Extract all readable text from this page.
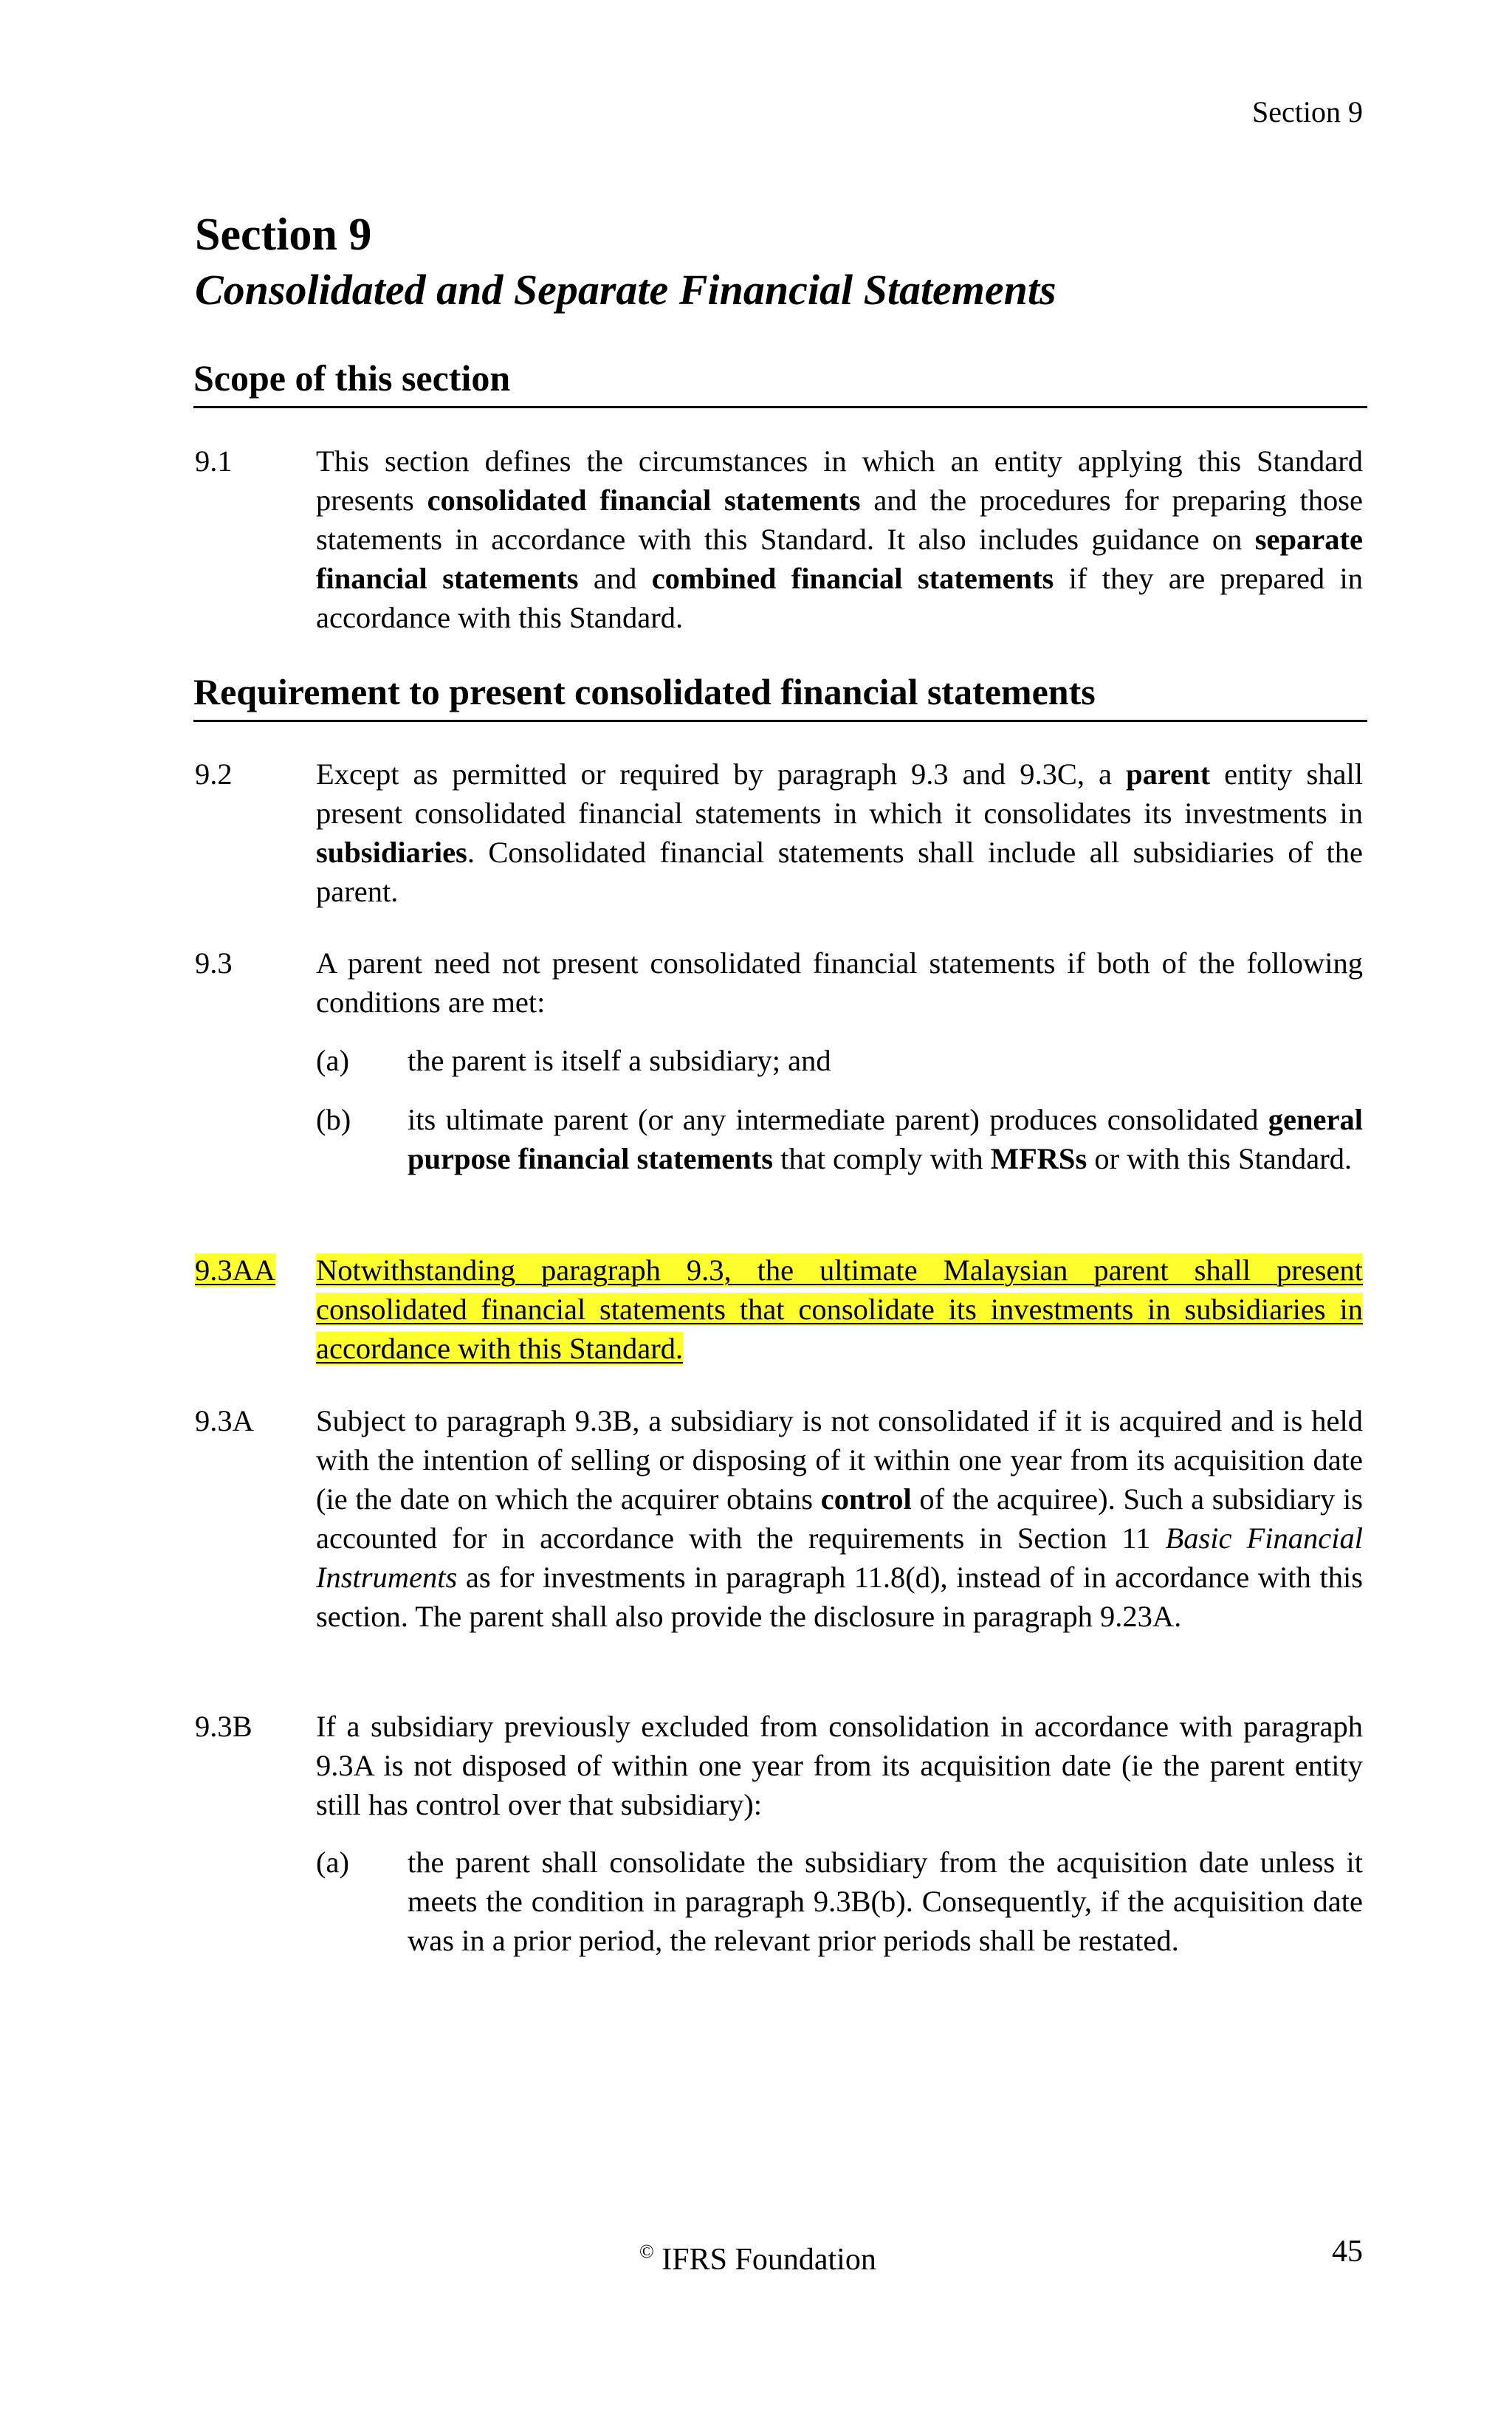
Section 9
Section 9
Consolidated and Separate Financial Statements
Scope of this section
9.1	This section defines the circumstances in which an entity applying this Standard presents consolidated financial statements and the procedures for preparing those statements in accordance with this Standard. It also includes guidance on separate financial statements and combined financial statements if they are prepared in accordance with this Standard.
Requirement to present consolidated financial statements
9.2	Except as permitted or required by paragraph 9.3 and 9.3C, a parent entity shall present consolidated financial statements in which it consolidates its investments in subsidiaries. Consolidated financial statements shall include all subsidiaries of the parent.
9.3	A parent need not present consolidated financial statements if both of the following conditions are met:
(a) the parent is itself a subsidiary; and
(b) its ultimate parent (or any intermediate parent) produces consolidated general purpose financial statements that comply with MFRSs or with this Standard.
9.3AA Notwithstanding paragraph 9.3, the ultimate Malaysian parent shall present consolidated financial statements that consolidate its investments in subsidiaries in accordance with this Standard.
9.3A Subject to paragraph 9.3B, a subsidiary is not consolidated if it is acquired and is held with the intention of selling or disposing of it within one year from its acquisition date (ie the date on which the acquirer obtains control of the acquiree). Such a subsidiary is accounted for in accordance with the requirements in Section 11 Basic Financial Instruments as for investments in paragraph 11.8(d), instead of in accordance with this section. The parent shall also provide the disclosure in paragraph 9.23A.
9.3B If a subsidiary previously excluded from consolidation in accordance with paragraph 9.3A is not disposed of within one year from its acquisition date (ie the parent entity still has control over that subsidiary):
(a) the parent shall consolidate the subsidiary from the acquisition date unless it meets the condition in paragraph 9.3B(b). Consequently, if the acquisition date was in a prior period, the relevant prior periods shall be restated.
© IFRS Foundation	45
